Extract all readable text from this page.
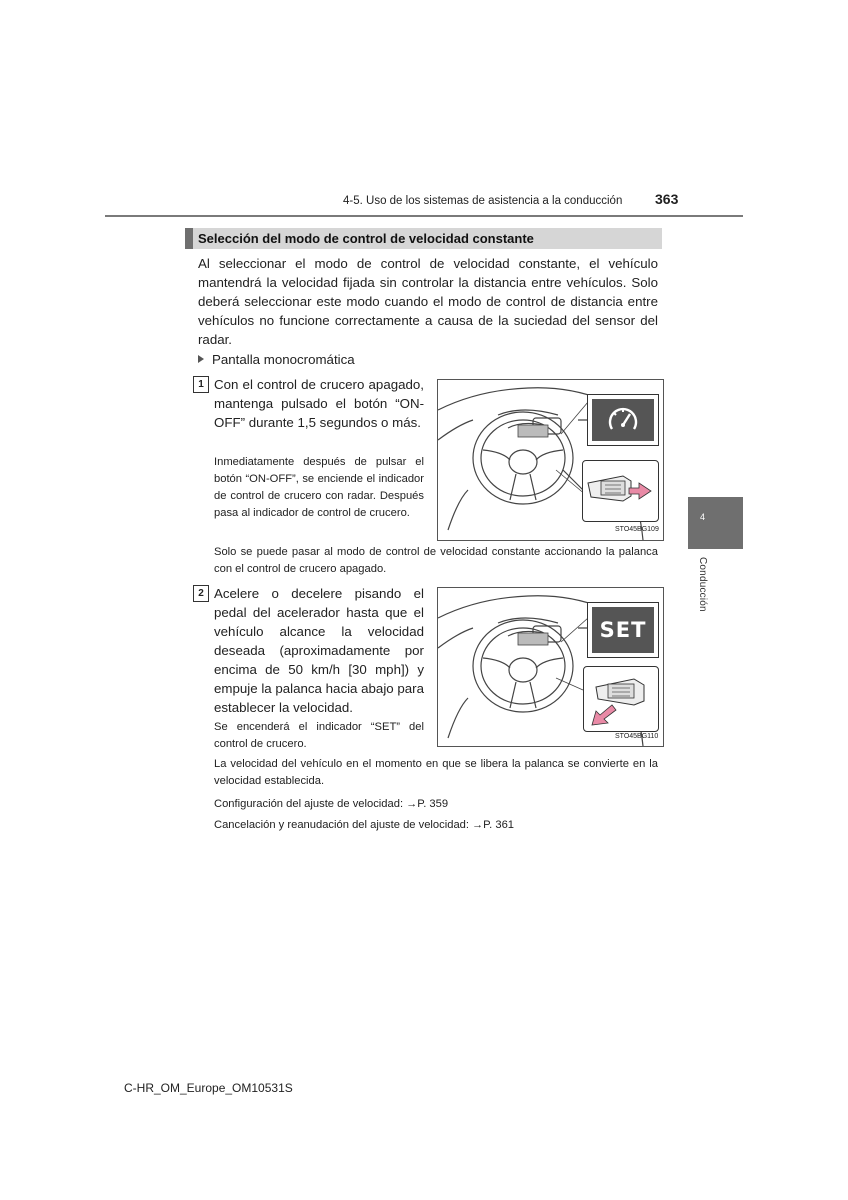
4-5. Uso de los sistemas de asistencia a la conducción 363
Selección del modo de control de velocidad constante
Al seleccionar el modo de control de velocidad constante, el vehículo mantendrá la velocidad fijada sin controlar la distancia entre vehículos. Solo deberá seleccionar este modo cuando el modo de control de distancia entre vehículos no funcione correctamente a causa de la suciedad del sensor del radar.
Pantalla monocromática
1 Con el control de crucero apagado, mantenga pulsado el botón “ON-OFF” durante 1,5 segundos o más.
Inmediatamente después de pulsar el botón “ON-OFF”, se enciende el indicador de control de crucero con radar. Después pasa al indicador de control de crucero.
STO45BG109
Solo se puede pasar al modo de control de velocidad constante accionando la palanca con el control de crucero apagado.
2 Acelere o decelere pisando el pedal del acelerador hasta que el vehículo alcance la velocidad deseada (aproximadamente por encima de 50 km/h [30 mph]) y empuje la palanca hacia abajo para establecer la velocidad.
Se encenderá el indicador “SET” del control de crucero.
SET
STO45BG110
La velocidad del vehículo en el momento en que se libera la palanca se convierte en la velocidad establecida.
Configuración del ajuste de velocidad: →P. 359
Cancelación y reanudación del ajuste de velocidad: →P. 361
4
Conducción
C-HR_OM_Europe_OM10531S
